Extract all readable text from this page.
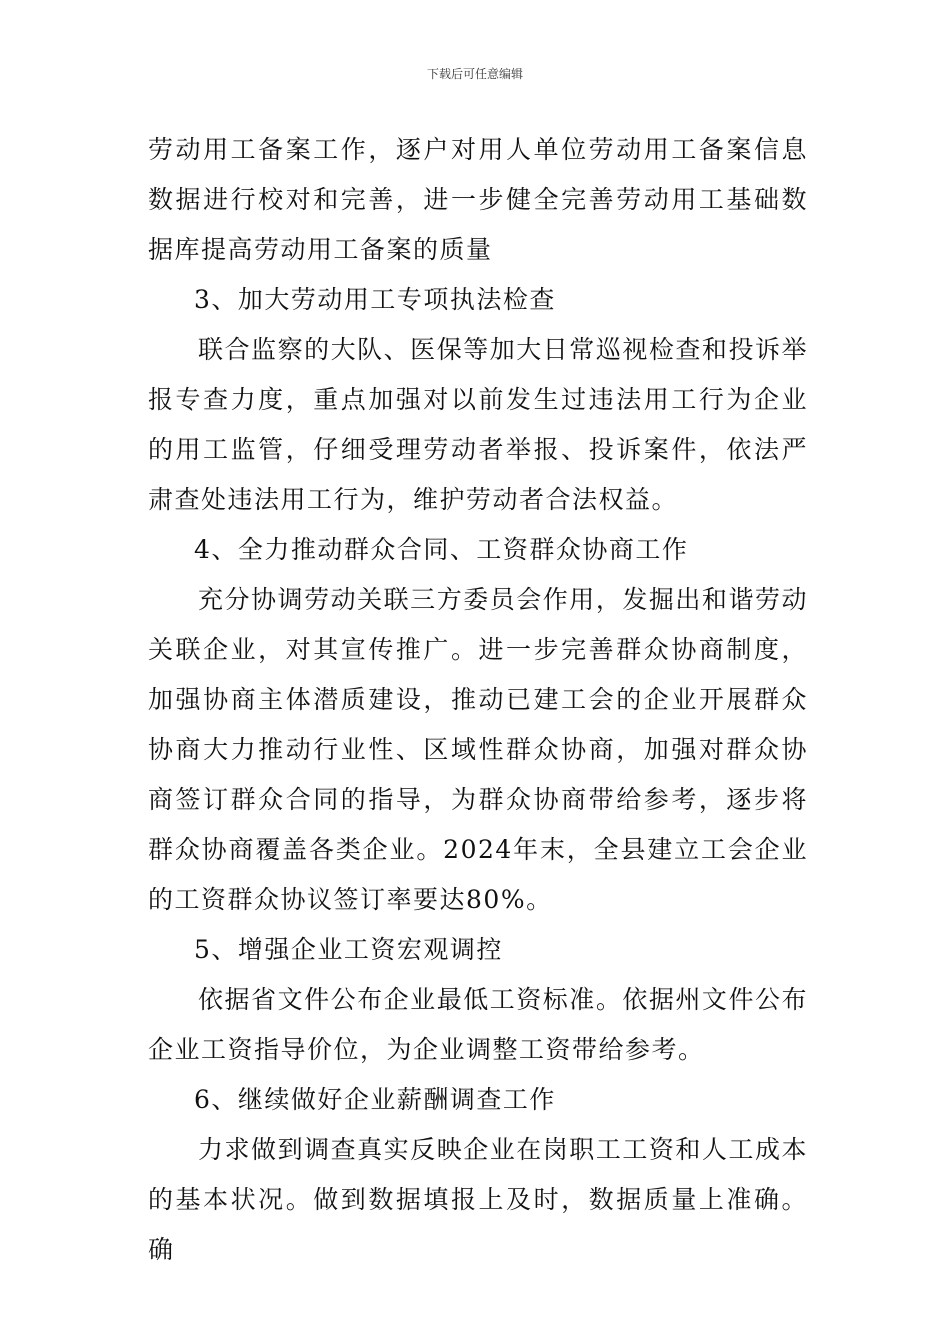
下载后可任意编辑

劳动用工备案工作，逐户对用人单位劳动用工备案信息数据进行校对和完善，进一步健全完善劳动用工基础数据库提高劳动用工备案的质量

3、加大劳动用工专项执法检查

联合监察的大队、医保等加大日常巡视检查和投诉举报专查力度，重点加强对以前发生过违法用工行为企业的用工监管，仔细受理劳动者举报、投诉案件，依法严肃查处违法用工行为，维护劳动者合法权益。

4、全力推动群众合同、工资群众协商工作

充分协调劳动关联三方委员会作用，发掘出和谐劳动关联企业，对其宣传推广。进一步完善群众协商制度，加强协商主体潜质建设，推动已建工会的企业开展群众协商大力推动行业性、区域性群众协商，加强对群众协商签订群众合同的指导，为群众协商带给参考，逐步将群众协商覆盖各类企业。2024年末，全县建立工会企业的工资群众协议签订率要达80%。

5、增强企业工资宏观调控

依据省文件公布企业最低工资标准。依据州文件公布企业工资指导价位，为企业调整工资带给参考。

6、继续做好企业薪酬调查工作

力求做到调查真实反映企业在岗职工工资和人工成本的基本状况。做到数据填报上及时，数据质量上准确。确
